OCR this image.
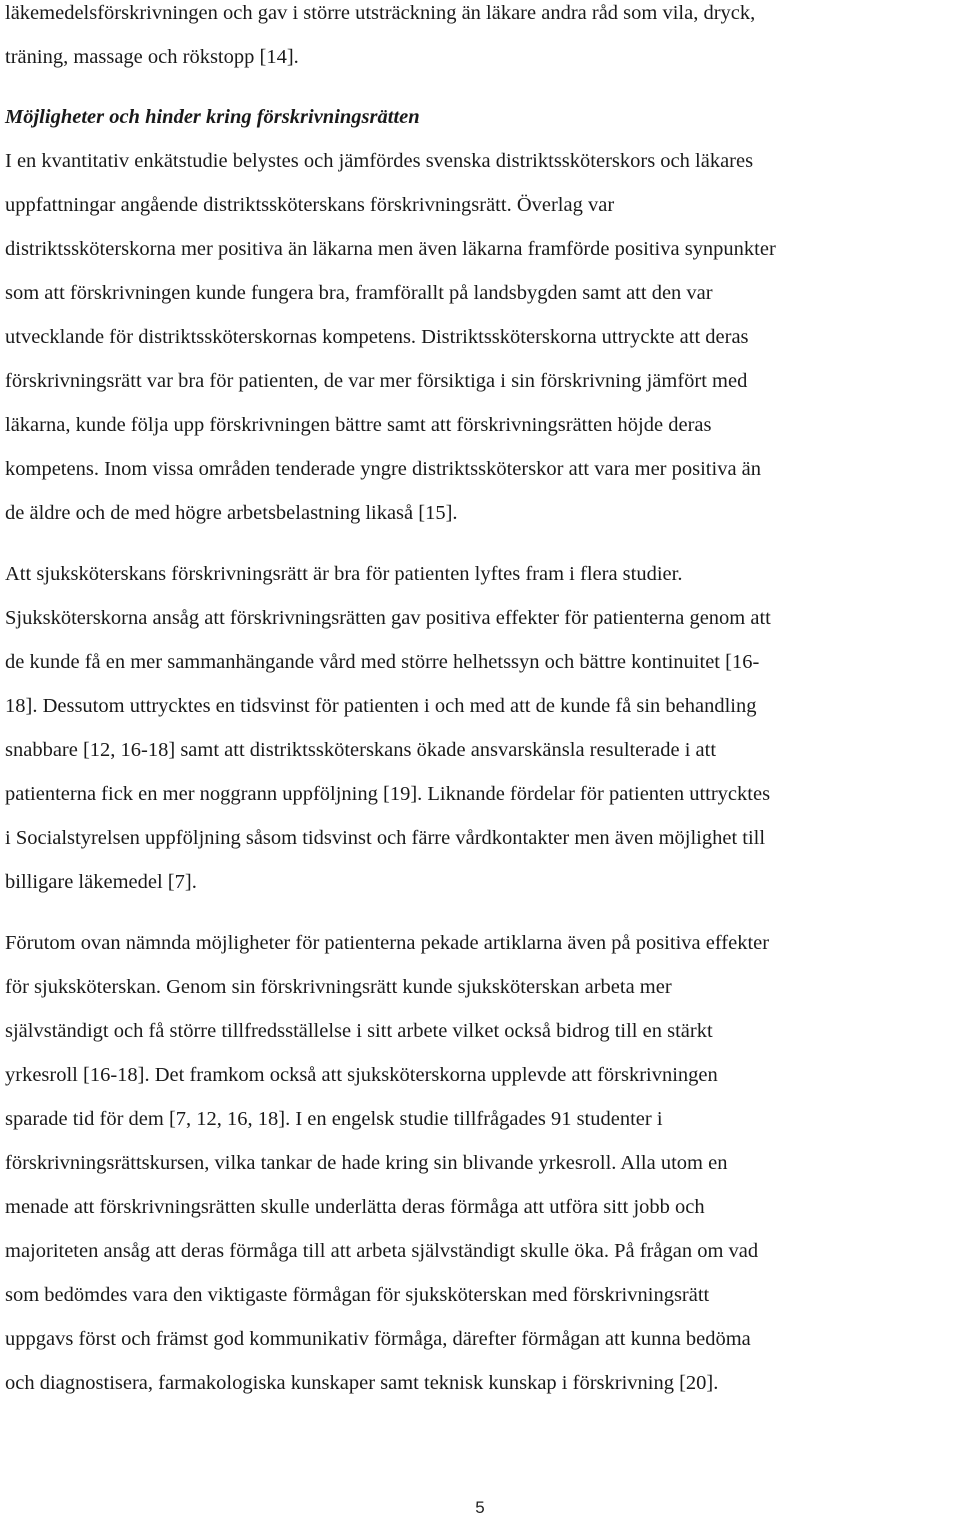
läkemedelsförskrivningen och gav i större utsträckning än läkare andra råd som vila, dryck,
träning, massage och rökstopp [14].
Möjligheter och hinder kring förskrivningsrätten
I en kvantitativ enkätstudie belystes och jämfördes svenska distriktssköterskors och läkares
uppfattningar angående distriktssköterskans förskrivningsrätt. Överlag var
distriktssköterskorna mer positiva än läkarna men även läkarna framförde positiva synpunkter
som att förskrivningen kunde fungera bra, framförallt på landsbygden samt att den var
utvecklande för distriktssköterskornas kompetens. Distriktssköterskorna uttryckte att deras
förskrivningsrätt var bra för patienten, de var mer försiktiga i sin förskrivning jämfört med
läkarna, kunde följa upp förskrivningen bättre samt att förskrivningsrätten höjde deras
kompetens. Inom vissa områden tenderade yngre distriktssköterskor att vara mer positiva än
de äldre och de med högre arbetsbelastning likaså [15].
Att sjuksköterskans förskrivningsrätt är bra för patienten lyftes fram i flera studier.
Sjuksköterskorna ansåg att förskrivningsrätten gav positiva effekter för patienterna genom att
de kunde få en mer sammanhängande vård med större helhetssyn och bättre kontinuitet [16-
18]. Dessutom uttrycktes en tidsvinst för patienten i och med att de kunde få sin behandling
snabbare [12, 16-18] samt att distriktssköterskans ökade ansvarskänsla resulterade i att
patienterna fick en mer noggrann uppföljning [19]. Liknande fördelar för patienten uttrycktes
i Socialstyrelsen uppföljning såsom tidsvinst och färre vårdkontakter men även möjlighet till
billigare läkemedel [7].
Förutom ovan nämnda möjligheter för patienterna pekade artiklarna även på positiva effekter
för sjuksköterskan. Genom sin förskrivningsrätt kunde sjuksköterskan arbeta mer
självständigt och få större tillfredsställelse i sitt arbete vilket också bidrog till en stärkt
yrkesroll [16-18]. Det framkom också att sjuksköterskorna upplevde att förskrivningen
sparade tid för dem [7, 12, 16, 18]. I en engelsk studie tillfrågades 91 studenter i
förskrivningsrättskursen, vilka tankar de hade kring sin blivande yrkesroll. Alla utom en
menade att förskrivningsrätten skulle underlätta deras förmåga att utföra sitt jobb och
majoriteten ansåg att deras förmåga till att arbeta självständigt skulle öka. På frågan om vad
som bedömdes vara den viktigaste förmågan för sjuksköterskan med förskrivningsrätt
uppgavs först och främst god kommunikativ förmåga, därefter förmågan att kunna bedöma
och diagnostisera, farmakologiska kunskaper samt teknisk kunskap i förskrivning [20].
5
